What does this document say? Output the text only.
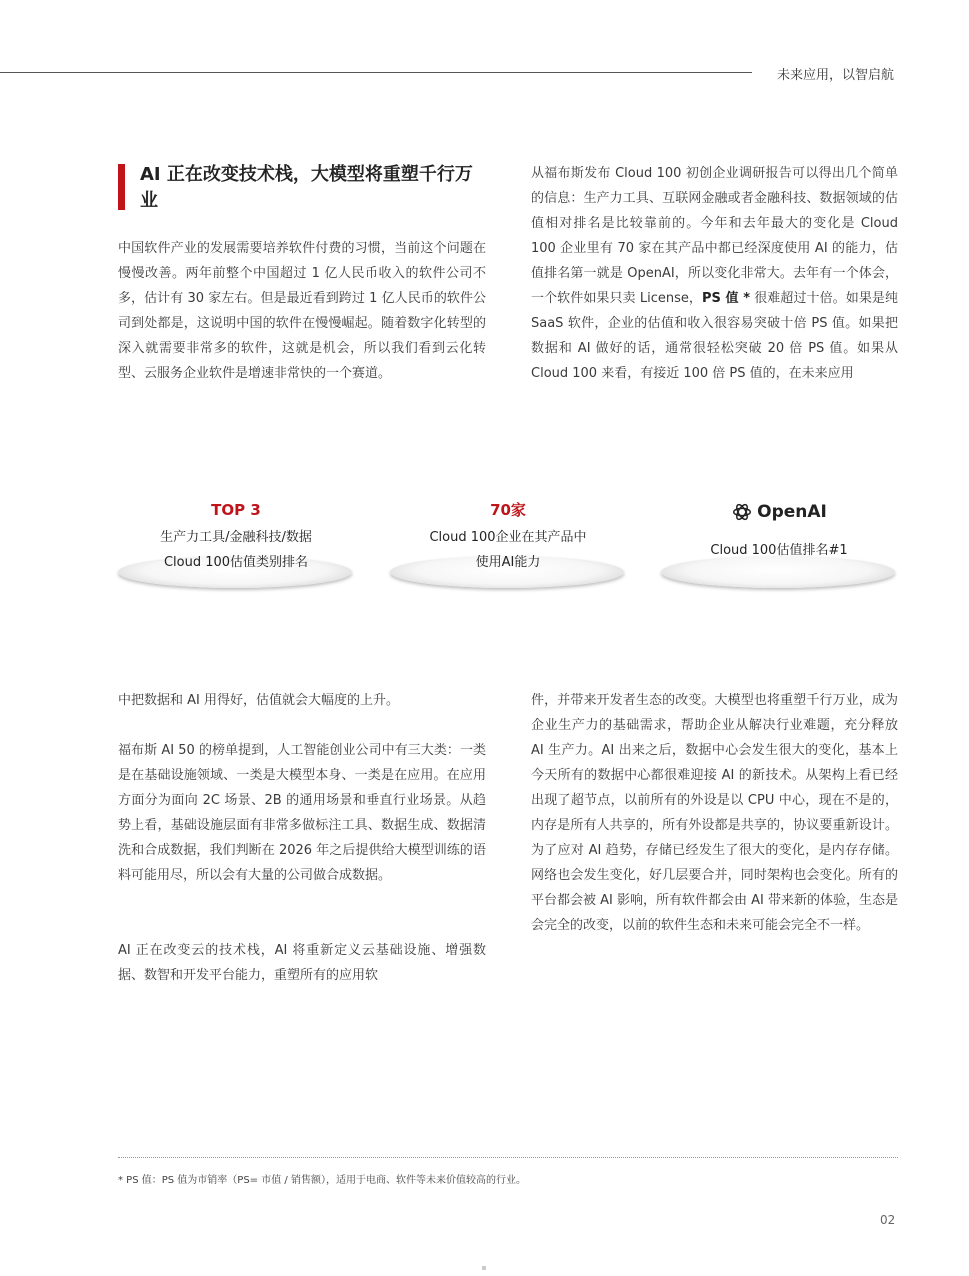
未来应用，以智启航
AI 正在改变技术栈，大模型将重塑千行万业

中国软件产业的发展需要培养软件付费的习惯，当前这个问题在慢慢改善。两年前整个中国超过 1 亿人民币收入的软件公司不多，估计有 30 家左右。但是最近看到跨过 1 亿人民币的软件公司到处都是，这说明中国的软件在慢慢崛起。随着数字化转型的深入就需要非常多的软件，这就是机会，所以我们看到云化转型、云服务企业软件是增速非常快的一个赛道。

从福布斯发布 Cloud 100 初创企业调研报告可以得出几个简单的信息：生产力工具、互联网金融或者金融科技、数据领域的估值相对排名是比较靠前的。今年和去年最大的变化是 Cloud 100 企业里有 70 家在其产品中都已经深度使用 AI 的能力，估值排名第一就是 OpenAI，所以变化非常大。去年有一个体会，一个软件如果只卖 License，PS 值 * 很难超过十倍。如果是纯 SaaS 软件，企业的估值和收入很容易突破十倍 PS 值。如果把数据和 AI 做好的话，通常很轻松突破 20 倍 PS 值。如果从 Cloud 100 来看，有接近 100 倍 PS 值的，在未来应用

TOP 3
生产力工具/金融科技/数据
Cloud 100估值类别排名
70家
Cloud 100企业在其产品中
使用AI能力
OpenAI
Cloud 100估值排名#1

中把数据和 AI 用得好，估值就会大幅度的上升。

福布斯 AI 50 的榜单提到，人工智能创业公司中有三大类：一类是在基础设施领域、一类是大模型本身、一类是在应用。在应用方面分为面向 2C 场景、2B 的通用场景和垂直行业场景。从趋势上看，基础设施层面有非常多做标注工具、数据生成、数据清洗和合成数据，我们判断在 2026 年之后提供给大模型训练的语料可能用尽，所以会有大量的公司做合成数据。

AI 正在改变云的技术栈，AI 将重新定义云基础设施、增强数据、数智和开发平台能力，重塑所有的应用软

件，并带来开发者生态的改变。大模型也将重塑千行万业，成为企业生产力的基础需求，帮助企业从解决行业难题，充分释放 AI 生产力。AI 出来之后，数据中心会发生很大的变化，基本上今天所有的数据中心都很难迎接 AI 的新技术。从架构上看已经出现了超节点，以前所有的外设是以 CPU 中心，现在不是的，内存是所有人共享的，所有外设都是共享的，协议要重新设计。为了应对 AI 趋势，存储已经发生了很大的变化，是内存存储。网络也会发生变化，好几层要合并，同时架构也会变化。所有的平台都会被 AI 影响，所有软件都会由 AI 带来新的体验，生态是会完全的改变，以前的软件生态和未来可能会完全不一样。

* PS 值：PS 值为市销率（PS= 市值 / 销售额），适用于电商、软件等未来价值较高的行业。
02
